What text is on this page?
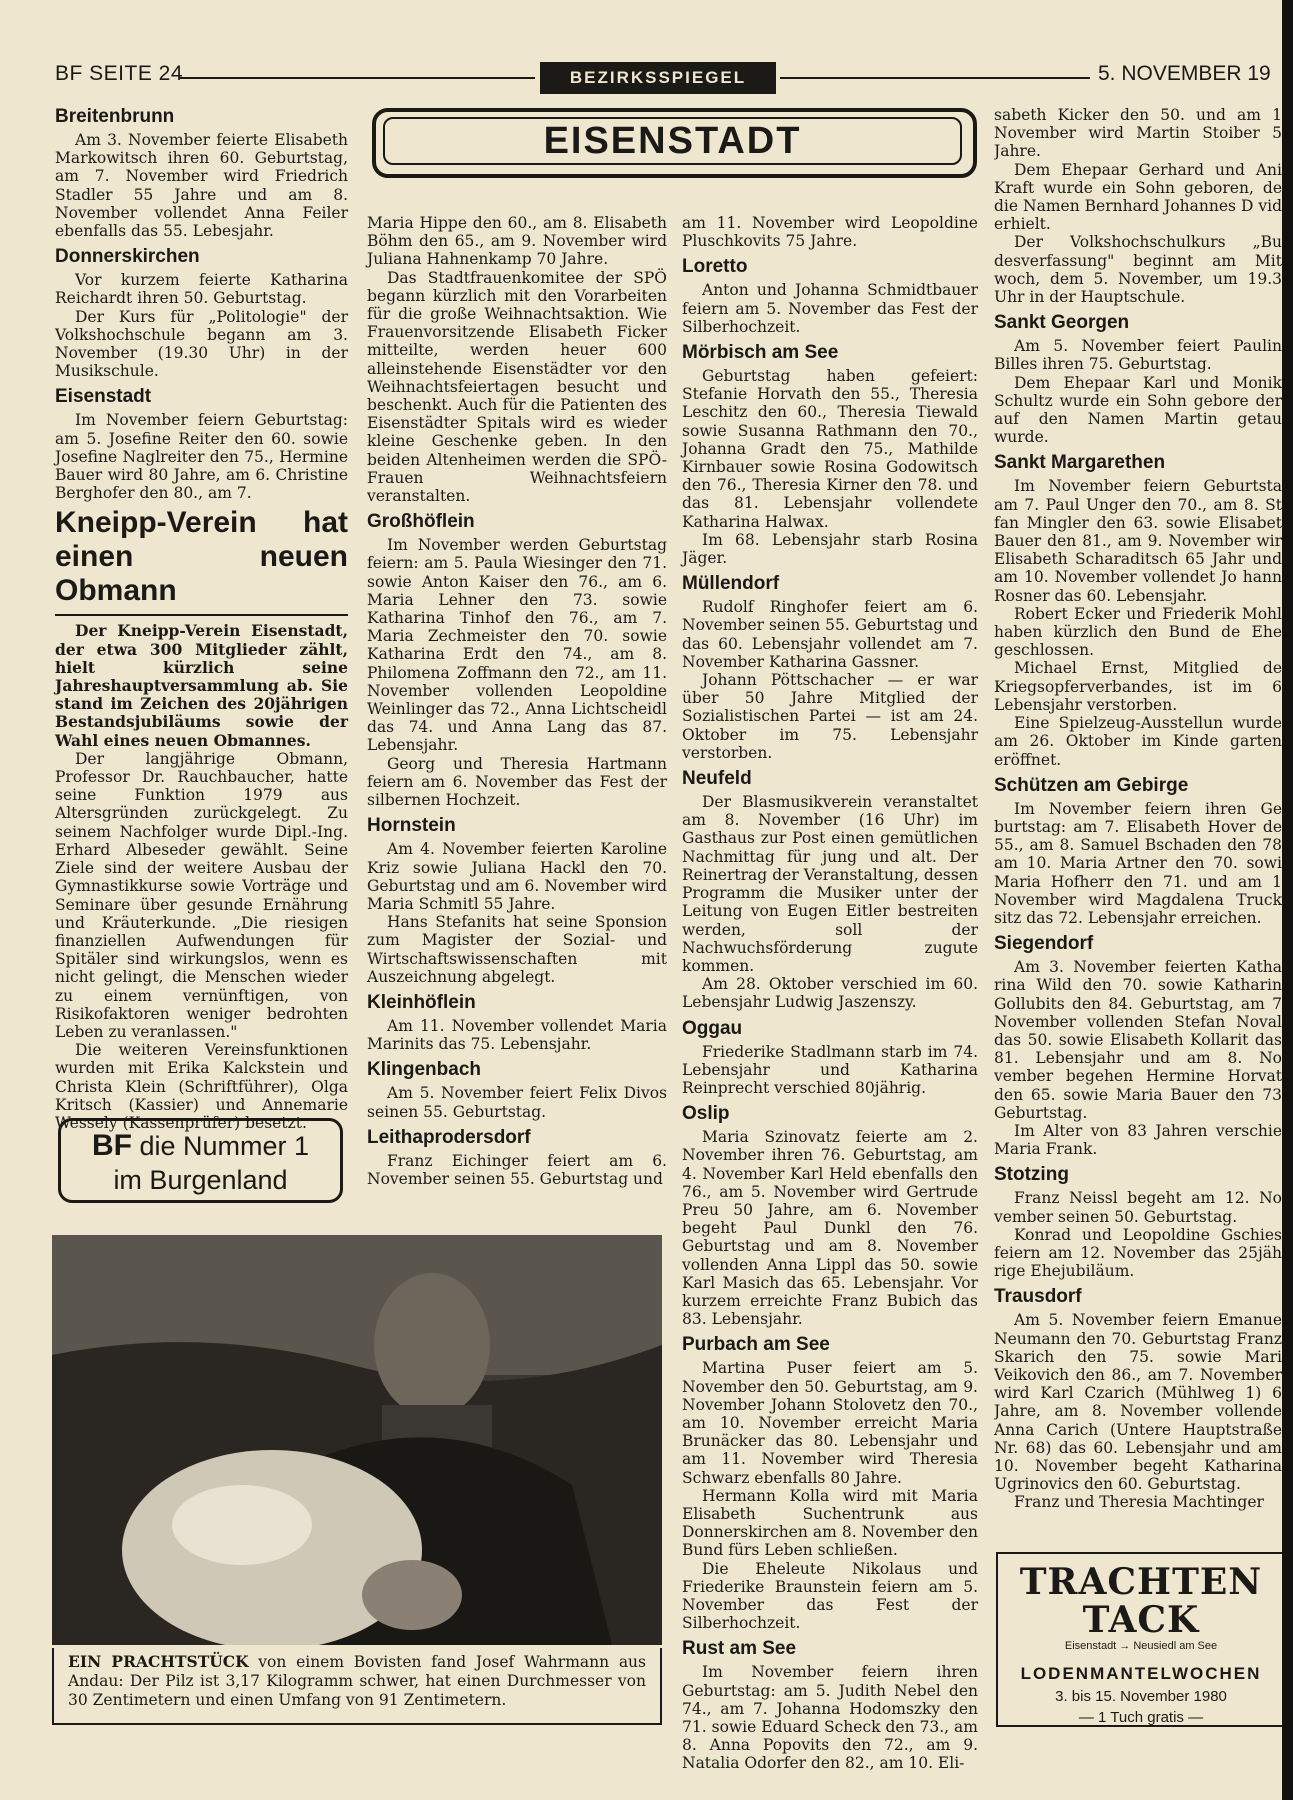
BF SEITE 24	BEZIRKSSPIEGEL	5. NOVEMBER 19
Breitenbrunn

Am 3. November feierte Elisabeth Markowitsch ihren 60. Geburtstag, am 7. November wird Friedrich Stadler 55 Jahre und am 8. November vollendet Anna Feiler ebenfalls das 55. Lebesjahr.

Donnerskirchen

Vor kurzem feierte Katharina Reichardt ihren 50. Geburtstag.

Der Kurs für „Politologie" der Volkshochschule begann am 3. November (19.30 Uhr) in der Musikschule.

Eisenstadt

Im November feiern Geburtstag: am 5. Josefine Reiter den 60. sowie Josefine Naglreiter den 75., Hermine Bauer wird 80 Jahre, am 6. Christine Berghofer den 80., am 7.

Kneipp-Verein hat einen neuen Obmann

Der Kneipp-Verein Eisenstadt, der etwa 300 Mitglieder zählt, hielt kürzlich seine Jahreshauptversammlung ab. Sie stand im Zeichen des 20jährigen Bestandsjubiläums sowie der Wahl eines neuen Obmannes.

Der langjährige Obmann, Professor Dr. Rauchbaucher, hatte seine Funktion 1979 aus Altersgründen zurückgelegt. Zu seinem Nachfolger wurde Dipl.-Ing. Erhard Albeseder gewählt. Seine Ziele sind der weitere Ausbau der Gymnastikkurse sowie Vorträge und Seminare über gesunde Ernährung und Kräuterkunde. „Die riesigen finanziellen Aufwendungen für Spitäler sind wirkungslos, wenn es nicht gelingt, die Menschen wieder zu einem vernünftigen, von Risikofaktoren weniger bedrohten Leben zu veranlassen."

Die weiteren Vereinsfunktionen wurden mit Erika Kalckstein und Christa Klein (Schriftführer), Olga Kritsch (Kassier) und Annemarie Wessely (Kassenprüfer) besetzt.

BF die Nummer 1
im Burgenland
EISENSTADT

Maria Hippe den 60., am 8. Elisabeth Böhm den 65., am 9. November wird Juliana Hahnenkamp 70 Jahre.

Das Stadtfrauenkomitee der SPÖ begann kürzlich mit den Vorarbeiten für die große Weihnachtsaktion. Wie Frauenvorsitzende Elisabeth Ficker mitteilte, werden heuer 600 alleinstehende Eisenstädter vor den Weihnachtsfeiertagen besucht und beschenkt. Auch für die Patienten des Eisenstädter Spitals wird es wieder kleine Geschenke geben. In den beiden Altenheimen werden die SPÖ-Frauen Weihnachtsfeiern veranstalten.

Großhöflein

Im November werden Geburtstag feiern: am 5. Paula Wiesinger den 71. sowie Anton Kaiser den 76., am 6. Maria Lehner den 73. sowie Katharina Tinhof den 76., am 7. Maria Zechmeister den 70. sowie Katharina Erdt den 74., am 8. Philomena Zoffmann den 72., am 11. November vollenden Leopoldine Weinlinger das 72., Anna Lichtscheidl das 74. und Anna Lang das 87. Lebensjahr.

Georg und Theresia Hartmann feiern am 6. November das Fest der silbernen Hochzeit.

Hornstein

Am 4. November feierten Karoline Kriz sowie Juliana Hackl den 70. Geburtstag und am 6. November wird Maria Schmitl 55 Jahre.

Hans Stefanits hat seine Sponsion zum Magister der Sozial- und Wirtschaftswissenschaften mit Auszeichnung abgelegt.

Kleinhöflein

Am 11. November vollendet Maria Marinits das 75. Lebensjahr.

Klingenbach

Am 5. November feiert Felix Divos seinen 55. Geburtstag.

Leithaprodersdorf

Franz Eichinger feiert am 6. November seinen 55. Geburtstag und

am 11. November wird Leopoldine Pluschkovits 75 Jahre.

Loretto

Anton und Johanna Schmidtbauer feiern am 5. November das Fest der Silberhochzeit.

Mörbisch am See

Geburtstag haben gefeiert: Stefanie Horvath den 55., Theresia Leschitz den 60., Theresia Tiewald sowie Susanna Rathmann den 70., Johanna Gradt den 75., Mathilde Kirnbauer sowie Rosina Godowitsch den 76., Theresia Kirner den 78. und das 81. Lebensjahr vollendete Katharina Halwax.

Im 68. Lebensjahr starb Rosina Jäger.

Müllendorf

Rudolf Ringhofer feiert am 6. November seinen 55. Geburtstag und das 60. Lebensjahr vollendet am 7. November Katharina Gassner.

Johann Pöttschacher — er war über 50 Jahre Mitglied der Sozialistischen Partei — ist am 24. Oktober im 75. Lebensjahr verstorben.

Neufeld

Der Blasmusikverein veranstaltet am 8. November (16 Uhr) im Gasthaus zur Post einen gemütlichen Nachmittag für jung und alt. Der Reinertrag der Veranstaltung, dessen Programm die Musiker unter der Leitung von Eugen Eitler bestreiten werden, soll der Nachwuchsförderung zugute kommen.

Am 28. Oktober verschied im 60. Lebensjahr Ludwig Jaszenszy.

Oggau

Friederike Stadlmann starb im 74. Lebensjahr und Katharina Reinprecht verschied 80jährig.

Oslip

Maria Szinovatz feierte am 2. November ihren 76. Geburtstag, am 4. November Karl Held ebenfalls den 76., am 5. November wird Gertrude Preu 50 Jahre, am 6. November begeht Paul Dunkl den 76. Geburtstag und am 8. November vollenden Anna Lippl das 50. sowie Karl Masich das 65. Lebensjahr. Vor kurzem erreichte Franz Bubich das 83. Lebensjahr.

Purbach am See

Martina Puser feiert am 5. November den 50. Geburtstag, am 9. November Johann Stolovetz den 70., am 10. November erreicht Maria Brunäcker das 80. Lebensjahr und am 11. November wird Theresia Schwarz ebenfalls 80 Jahre.

Hermann Kolla wird mit Maria Elisabeth Suchentrunk aus Donnerskirchen am 8. November den Bund fürs Leben schließen.

Die Eheleute Nikolaus und Friederike Braunstein feiern am 5. November das Fest der Silberhochzeit.

Rust am See

Im November feiern ihren Geburtstag: am 5. Judith Nebel den 74., am 7. Johanna Hodomszky den 71. sowie Eduard Scheck den 73., am 8. Anna Popovits den 72., am 9. Natalia Odorfer den 82., am 10. Eli-

sabeth Kicker den 50. und am 1 November wird Martin Stoiber 5 Jahre.

Dem Ehepaar Gerhard und Ani Kraft wurde ein Sohn geboren, de die Namen Bernhard Johannes D vid erhielt.

Der Volkshochschulkurs „Bu desverfassung" beginnt am Mit woch, dem 5. November, um 19.3 Uhr in der Hauptschule.

Sankt Georgen

Am 5. November feiert Paulin Billes ihren 75. Geburtstag.

Dem Ehepaar Karl und Monik Schultz wurde ein Sohn gebore der auf den Namen Martin getau wurde.

Sankt Margarethen

Im November feiern Geburtsta am 7. Paul Unger den 70., am 8. St fan Mingler den 63. sowie Elisabet Bauer den 81., am 9. November wir Elisabeth Scharaditsch 65 Jahr und am 10. November vollendet Jo hann Rosner das 60. Lebensjahr.

Robert Ecker und Friederik Mohl haben kürzlich den Bund de Ehe geschlossen.

Michael Ernst, Mitglied de Kriegsopferverbandes, ist im 6 Lebensjahr verstorben.

Eine Spielzeug-Ausstellun wurde am 26. Oktober im Kinde garten eröffnet.

Schützen am Gebirge

Im November feiern ihren Ge burtstag: am 7. Elisabeth Hover de 55., am 8. Samuel Bschaden den 78 am 10. Maria Artner den 70. sowi Maria Hofherr den 71. und am 1 November wird Magdalena Truck sitz das 72. Lebensjahr erreichen.

Siegendorf

Am 3. November feierten Katha rina Wild den 70. sowie Katharin Gollubits den 84. Geburtstag, am 7 November vollenden Stefan Noval das 50. sowie Elisabeth Kollarit das 81. Lebensjahr und am 8. No vember begehen Hermine Horvat den 65. sowie Maria Bauer den 73 Geburtstag.

Im Alter von 83 Jahren verschie Maria Frank.

Stotzing

Franz Neissl begeht am 12. No vember seinen 50. Geburtstag.

Konrad und Leopoldine Gschies feiern am 12. November das 25jäh rige Ehejubiläum.

Trausdorf

Am 5. November feiern Emanue Neumann den 70. Geburtstag Franz Skarich den 75. sowie Mari Veikovich den 86., am 7. November wird Karl Czarich (Mühlweg 1) 6 Jahre, am 8. November vollende Anna Carich (Untere Hauptstraße Nr. 68) das 60. Lebensjahr und am 10. November begeht Katharina Ugrinovics den 60. Geburtstag.

Franz und Theresia Machtinger

EIN PRACHTSTÜCK von einem Bovisten fand Josef Wahrmann aus Andau: Der Pilz ist 3,17 Kilogramm schwer, hat einen Durchmesser von 30 Zentimetern und einen Umfang von 91 Zentimetern.
TRACHTEN
TACK
Eisenstadt → Neusiedl am See
LODENMANTELWOCHEN
3. bis 15. November 1980
— 1 Tuch gratis —
